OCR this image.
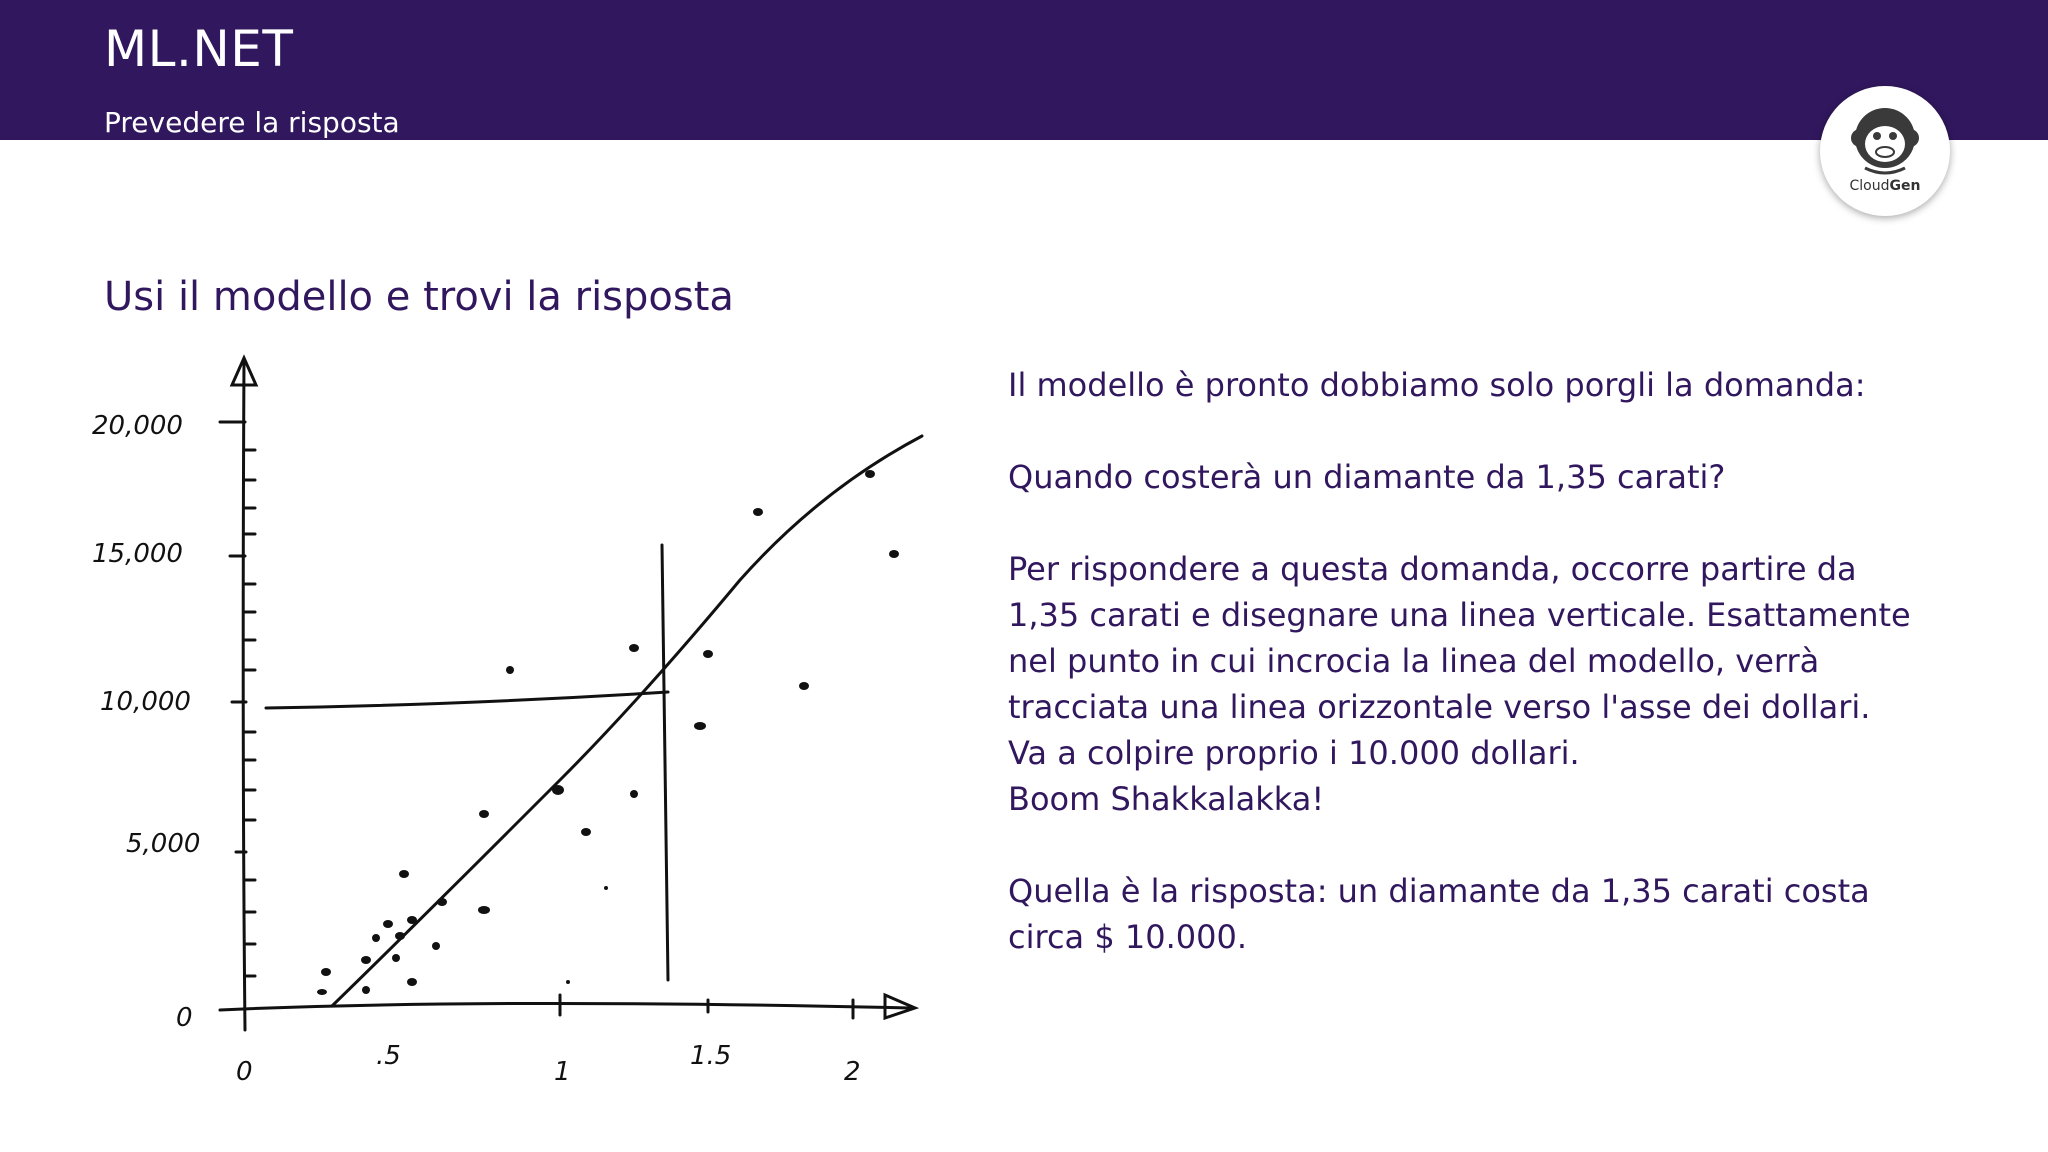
ML.NET
Prevedere la risposta
CloudGen
Usi il modello e trovi la risposta
20,000
15,000
10,000
5,000
0
0
.5
1
1.5
2

Il modello è pronto dobbiamo solo porgli la domanda:

Quando costerà un diamante da 1,35 carati?

Per rispondere a questa domanda, occorre partire da

1,35 carati e disegnare una linea verticale. Esattamente

nel punto in cui incrocia la linea del modello, verrà

tracciata una linea orizzontale verso l'asse dei dollari.

Va a colpire proprio i 10.000 dollari.

Boom Shakkalakka!

Quella è la risposta: un diamante da 1,35 carati costa

circa $ 10.000.
